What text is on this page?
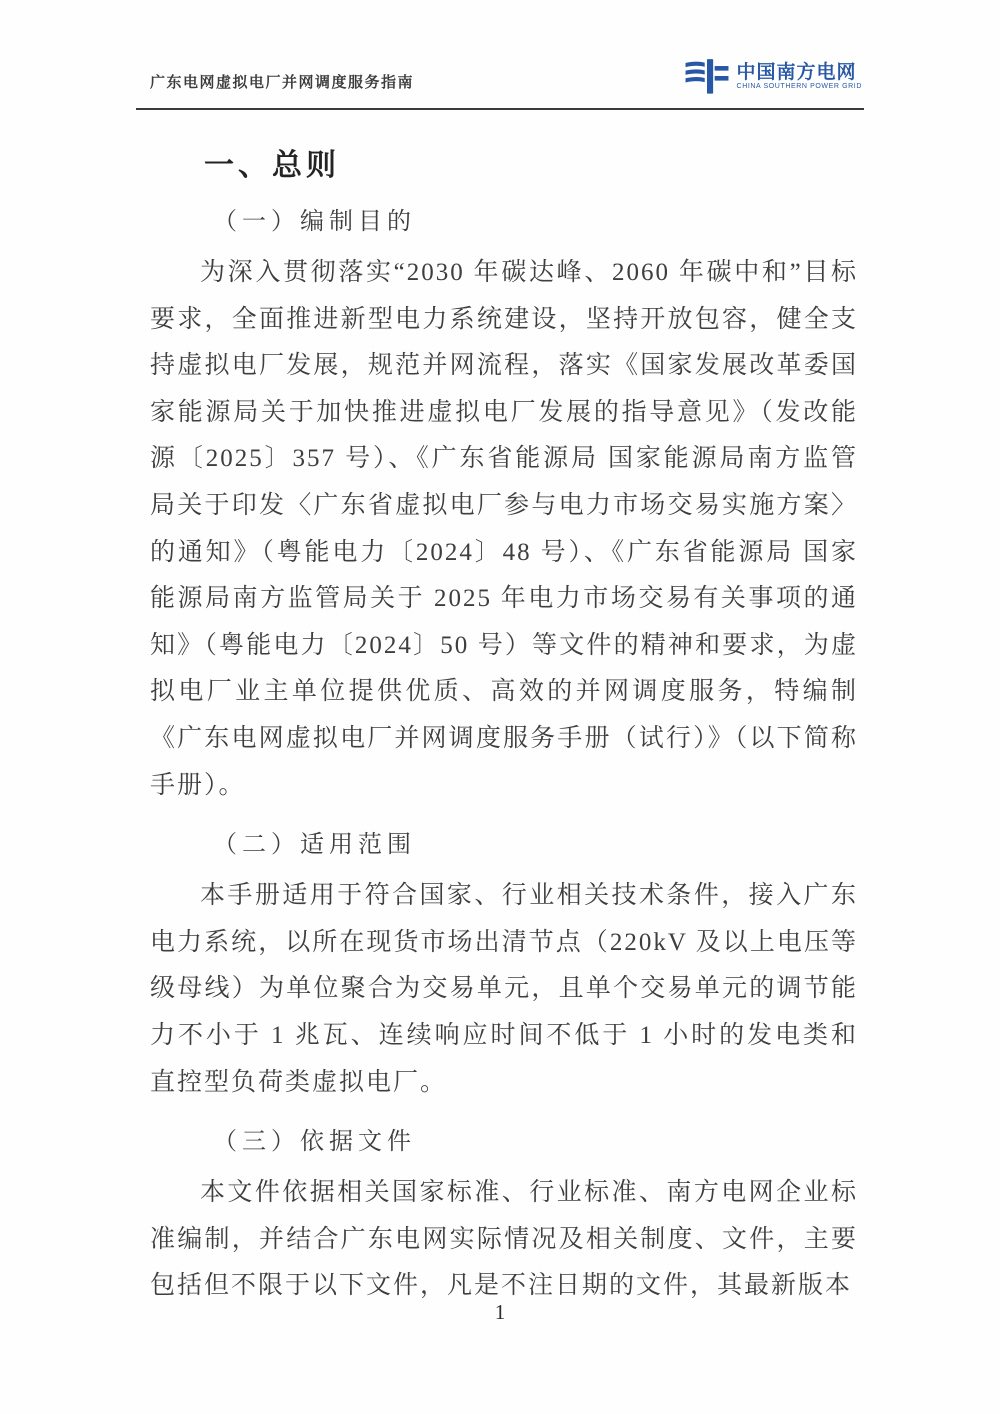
广东电网虚拟电厂并网调度服务指南	中国南方电网
CHINA SOUTHERN POWER GRID
一、总则
（一）编制目的

为深入贯彻落实“2030 年碳达峰、2060 年碳中和”目标要求，全面推进新型电力系统建设，坚持开放包容，健全支持虚拟电厂发展，规范并网流程，落实《国家发展改革委国家能源局关于加快推进虚拟电厂发展的指导意见》（发改能源〔2025〕357 号）、《广东省能源局 国家能源局南方监管局关于印发〈广东省虚拟电厂参与电力市场交易实施方案〉的通知》（粤能电力〔2024〕48 号）、《广东省能源局 国家能源局南方监管局关于 2025 年电力市场交易有关事项的通知》（粤能电力〔2024〕50 号）等文件的精神和要求，为虚拟电厂业主单位提供优质、高效的并网调度服务，特编制《广东电网虚拟电厂并网调度服务手册（试行）》（以下简称手册）。

（二）适用范围

本手册适用于符合国家、行业相关技术条件，接入广东电力系统，以所在现货市场出清节点（220kV 及以上电压等级母线）为单位聚合为交易单元，且单个交易单元的调节能力不小于 1 兆瓦、连续响应时间不低于 1 小时的发电类和直控型负荷类虚拟电厂。

（三）依据文件

本文件依据相关国家标准、行业标准、南方电网企业标准编制，并结合广东电网实际情况及相关制度、文件，主要包括但不限于以下文件，凡是不注日期的文件，其最新版本

1
